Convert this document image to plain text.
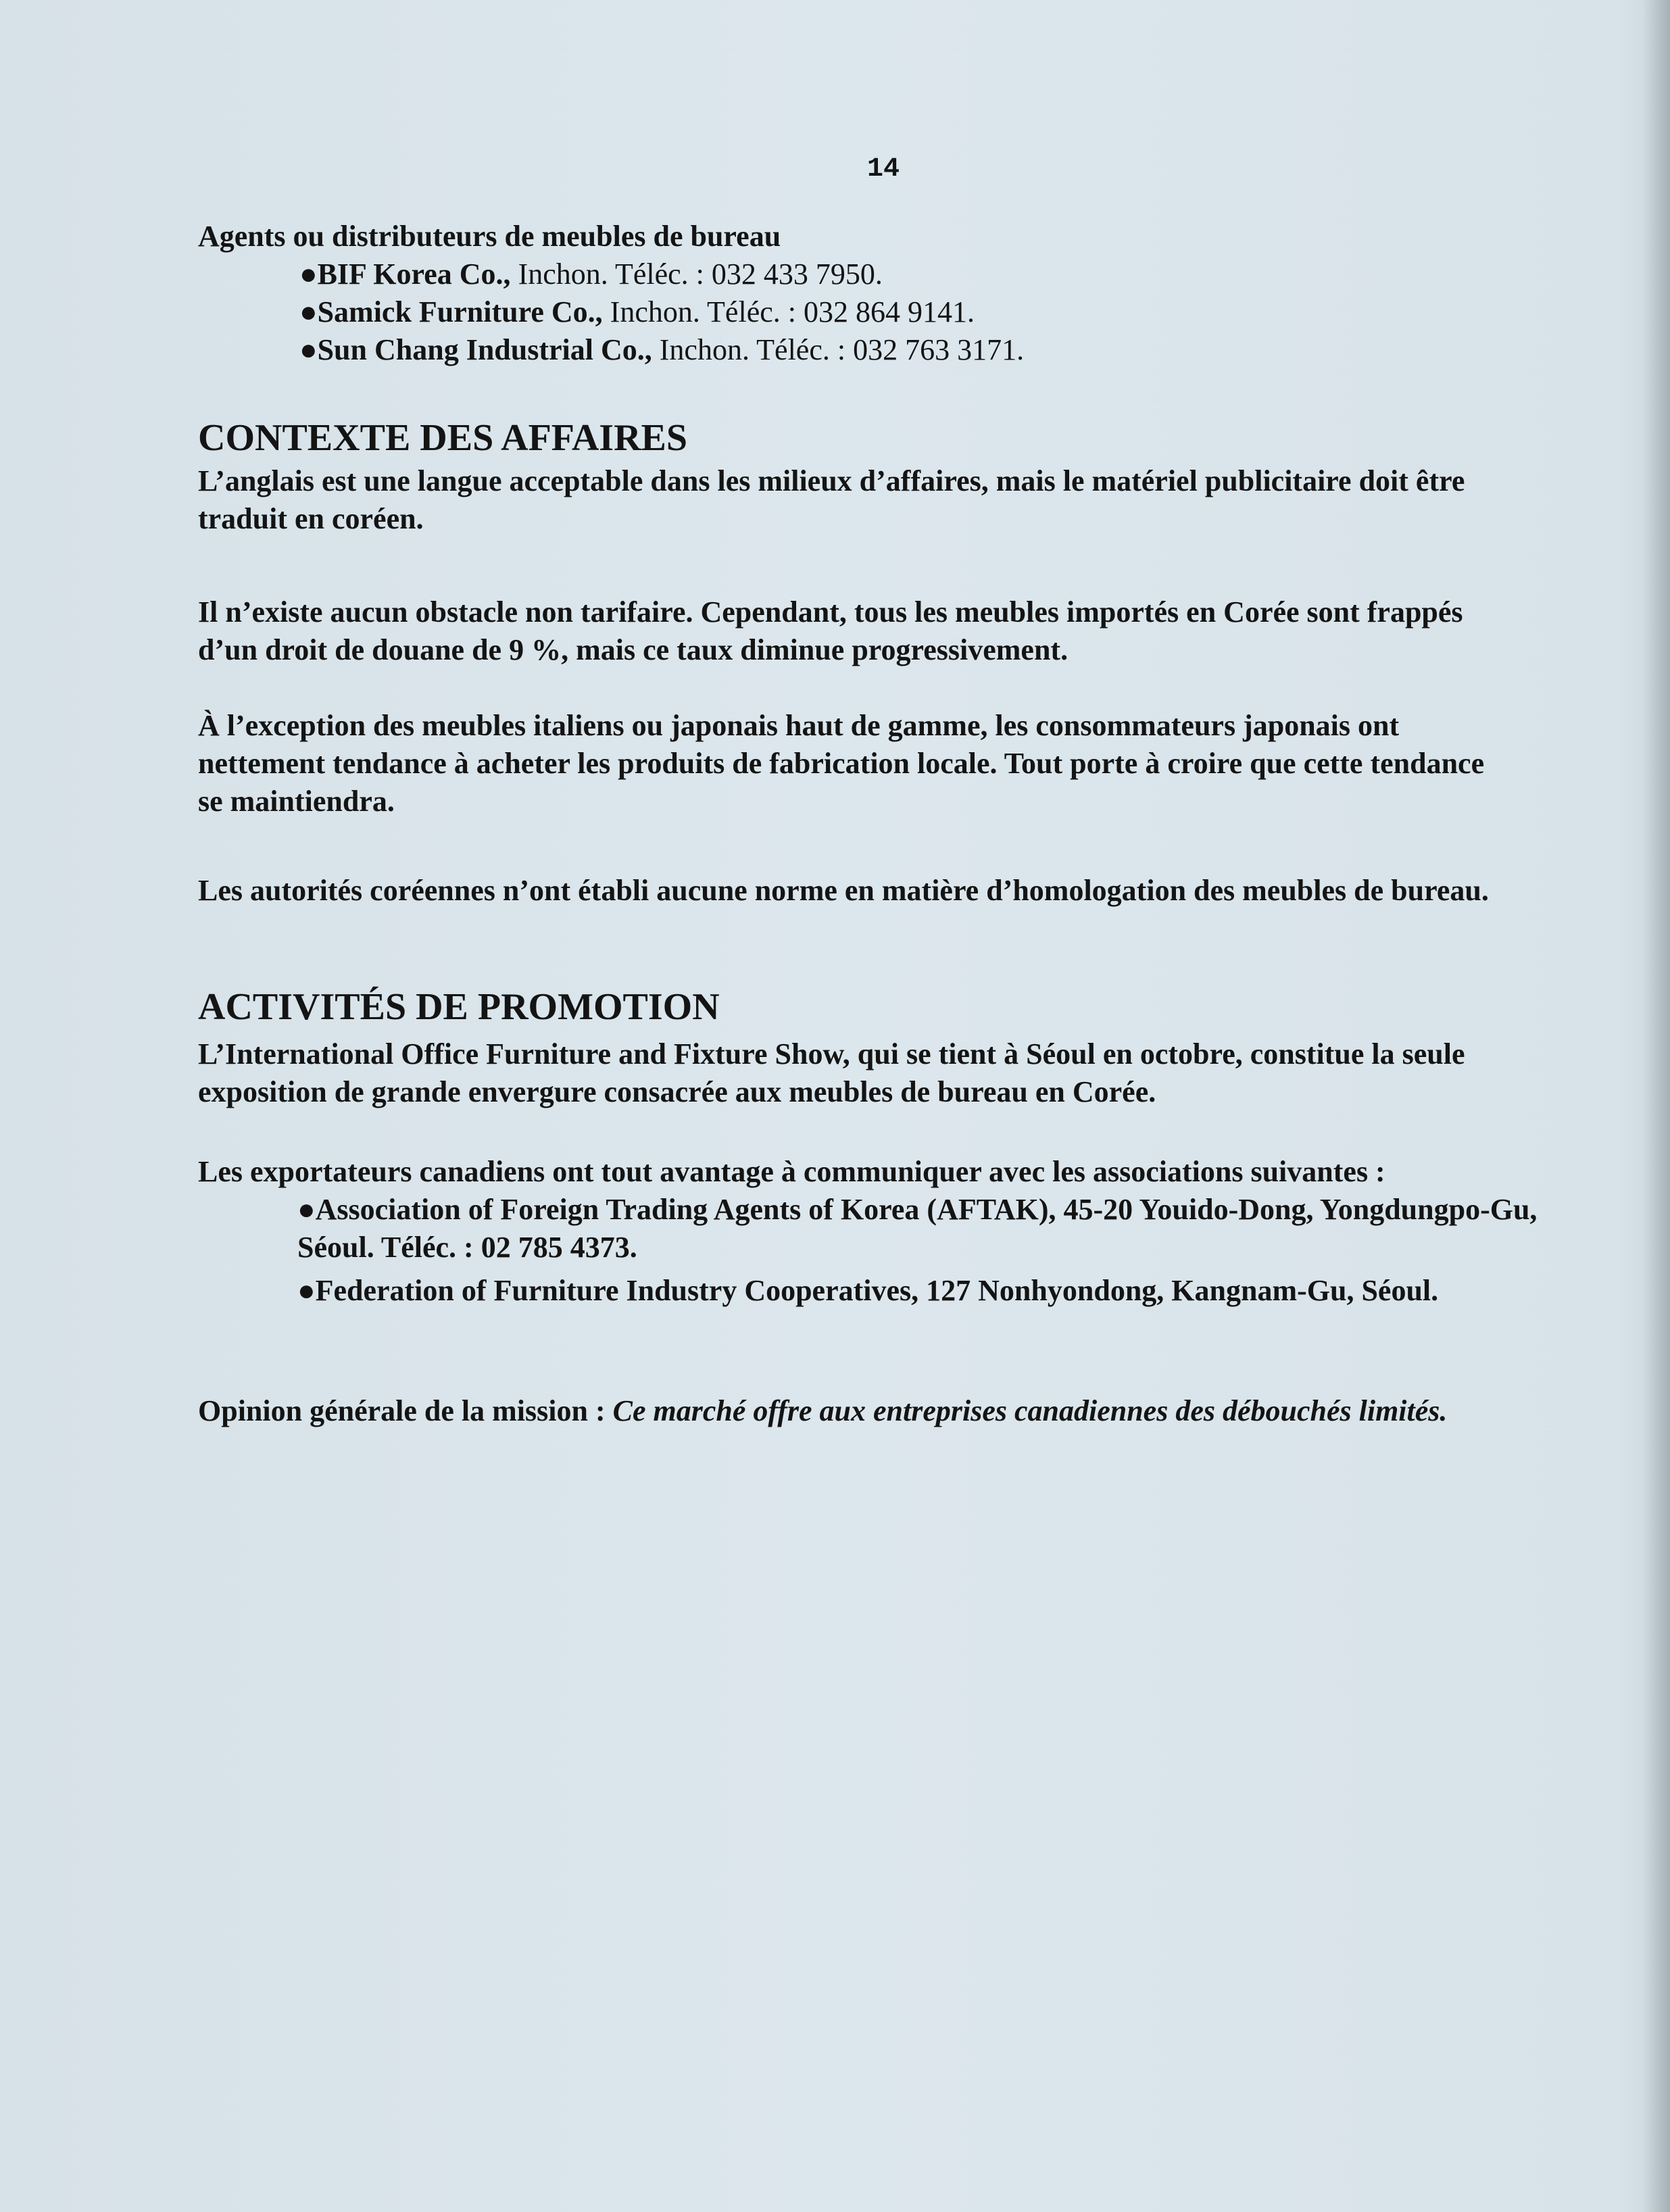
14
Agents ou distributeurs de meubles de bureau
●BIF Korea Co., Inchon. Téléc. : 032 433 7950.
●Samick Furniture Co., Inchon. Téléc. : 032 864 9141.
●Sun Chang Industrial Co., Inchon. Téléc. : 032 763 3171.
CONTEXTE DES AFFAIRES
L’anglais est une langue acceptable dans les milieux d’affaires, mais le matériel publicitaire doit être traduit en coréen.
Il n’existe aucun obstacle non tarifaire. Cependant, tous les meubles importés en Corée sont frappés d’un droit de douane de 9 %, mais ce taux diminue progressivement.
À l’exception des meubles italiens ou japonais haut de gamme, les consommateurs japonais ont nettement tendance à acheter les produits de fabrication locale. Tout porte à croire que cette tendance se maintiendra.
Les autorités coréennes n’ont établi aucune norme en matière d’homologation des meubles de bureau.
ACTIVITÉS DE PROMOTION
L’International Office Furniture and Fixture Show, qui se tient à Séoul en octobre, constitue la seule exposition de grande envergure consacrée aux meubles de bureau en Corée.
Les exportateurs canadiens ont tout avantage à communiquer avec les associations suivantes :
●Association of Foreign Trading Agents of Korea (AFTAK), 45-20 Youido-Dong, Yongdungpo-Gu, Séoul. Téléc. : 02 785 4373.
●Federation of Furniture Industry Cooperatives, 127 Nonhyondong, Kangnam-Gu, Séoul.
Opinion générale de la mission : Ce marché offre aux entreprises canadiennes des débouchés limités.
